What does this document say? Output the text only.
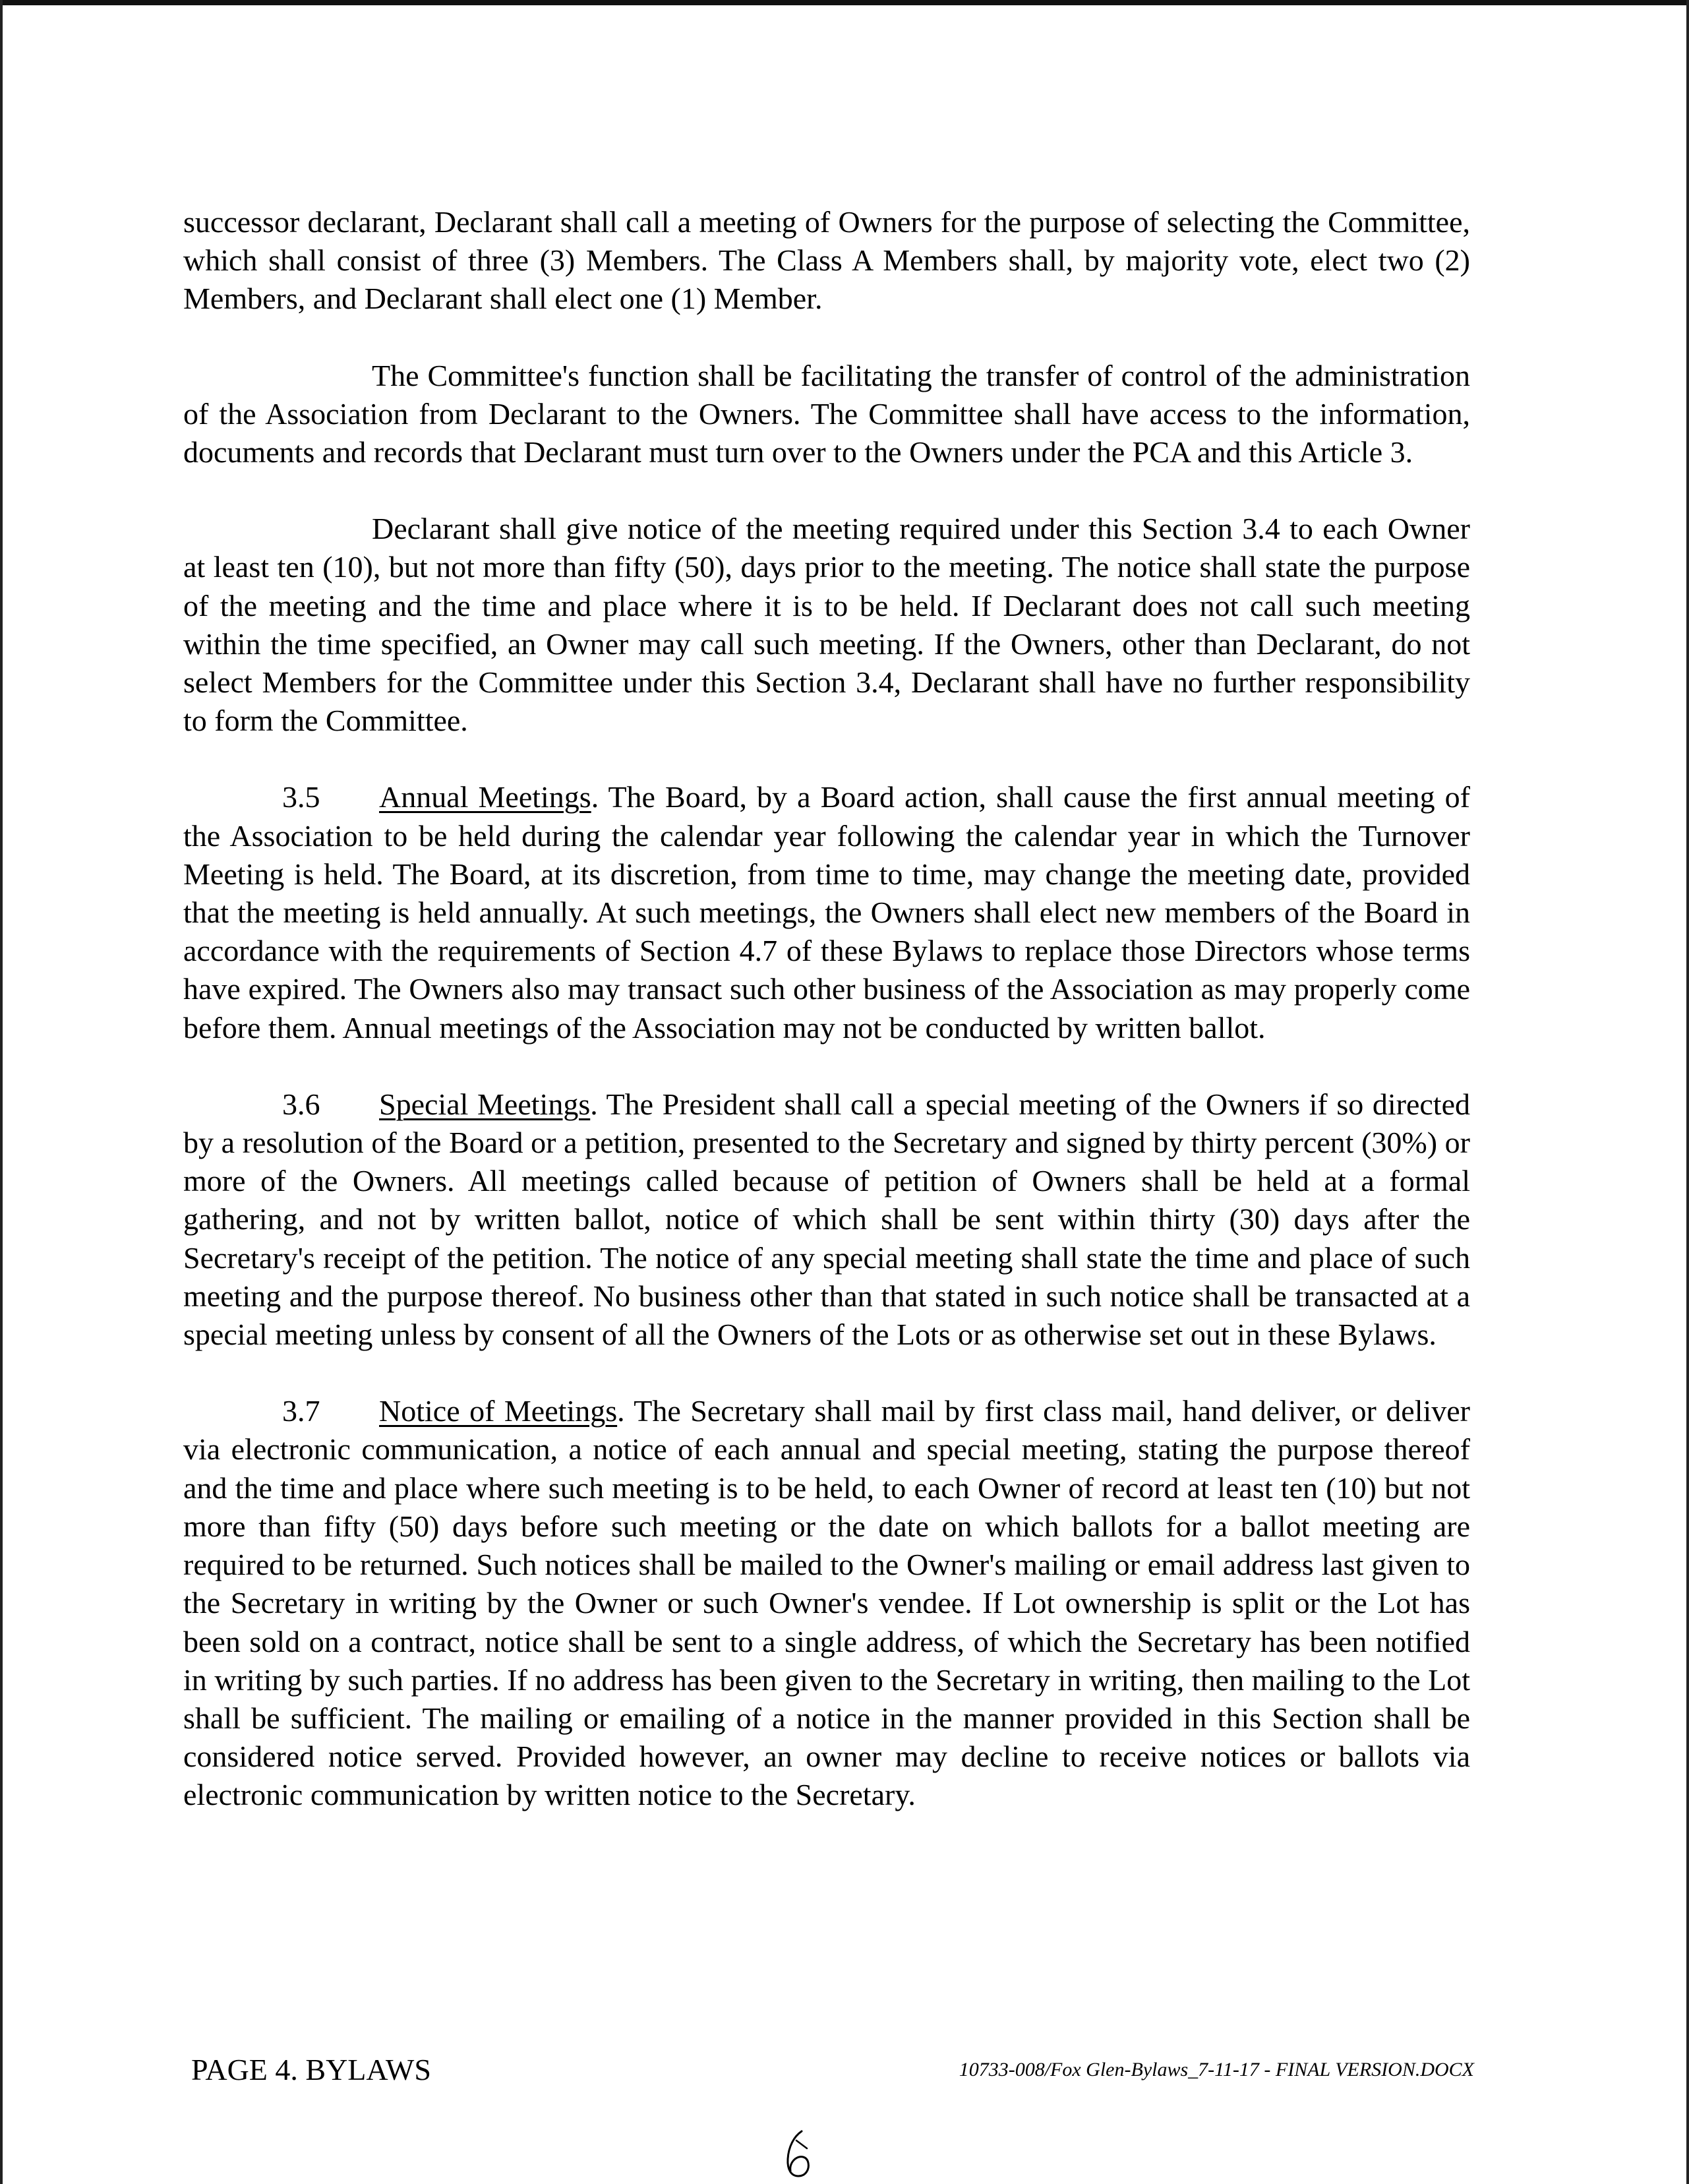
successor declarant, Declarant shall call a meeting of Owners for the purpose of selecting the Committee, which shall consist of three (3) Members. The Class A Members shall, by majority vote, elect two (2) Members, and Declarant shall elect one (1) Member.

The Committee's function shall be facilitating the transfer of control of the administration of the Association from Declarant to the Owners. The Committee shall have access to the information, documents and records that Declarant must turn over to the Owners under the PCA and this Article 3.

Declarant shall give notice of the meeting required under this Section 3.4 to each Owner at least ten (10), but not more than fifty (50), days prior to the meeting. The notice shall state the purpose of the meeting and the time and place where it is to be held. If Declarant does not call such meeting within the time specified, an Owner may call such meeting. If the Owners, other than Declarant, do not select Members for the Committee under this Section 3.4, Declarant shall have no further responsibility to form the Committee.

3.5 Annual Meetings. The Board, by a Board action, shall cause the first annual meeting of the Association to be held during the calendar year following the calendar year in which the Turnover Meeting is held. The Board, at its discretion, from time to time, may change the meeting date, provided that the meeting is held annually. At such meetings, the Owners shall elect new members of the Board in accordance with the requirements of Section 4.7 of these Bylaws to replace those Directors whose terms have expired. The Owners also may transact such other business of the Association as may properly come before them. Annual meetings of the Association may not be conducted by written ballot.

3.6 Special Meetings. The President shall call a special meeting of the Owners if so directed by a resolution of the Board or a petition, presented to the Secretary and signed by thirty percent (30%) or more of the Owners. All meetings called because of petition of Owners shall be held at a formal gathering, and not by written ballot, notice of which shall be sent within thirty (30) days after the Secretary's receipt of the petition. The notice of any special meeting shall state the time and place of such meeting and the purpose thereof. No business other than that stated in such notice shall be transacted at a special meeting unless by consent of all the Owners of the Lots or as otherwise set out in these Bylaws.

3.7 Notice of Meetings. The Secretary shall mail by first class mail, hand deliver, or deliver via electronic communication, a notice of each annual and special meeting, stating the purpose thereof and the time and place where such meeting is to be held, to each Owner of record at least ten (10) but not more than fifty (50) days before such meeting or the date on which ballots for a ballot meeting are required to be returned. Such notices shall be mailed to the Owner's mailing or email address last given to the Secretary in writing by the Owner or such Owner's vendee. If Lot ownership is split or the Lot has been sold on a contract, notice shall be sent to a single address, of which the Secretary has been notified in writing by such parties. If no address has been given to the Secretary in writing, then mailing to the Lot shall be sufficient. The mailing or emailing of a notice in the manner provided in this Section shall be considered notice served. Provided however, an owner may decline to receive notices or ballots via electronic communication by written notice to the Secretary.

PAGE 4. BYLAWS	10733-008/Fox Glen-Bylaws_7-11-17 - FINAL VERSION.DOCX
